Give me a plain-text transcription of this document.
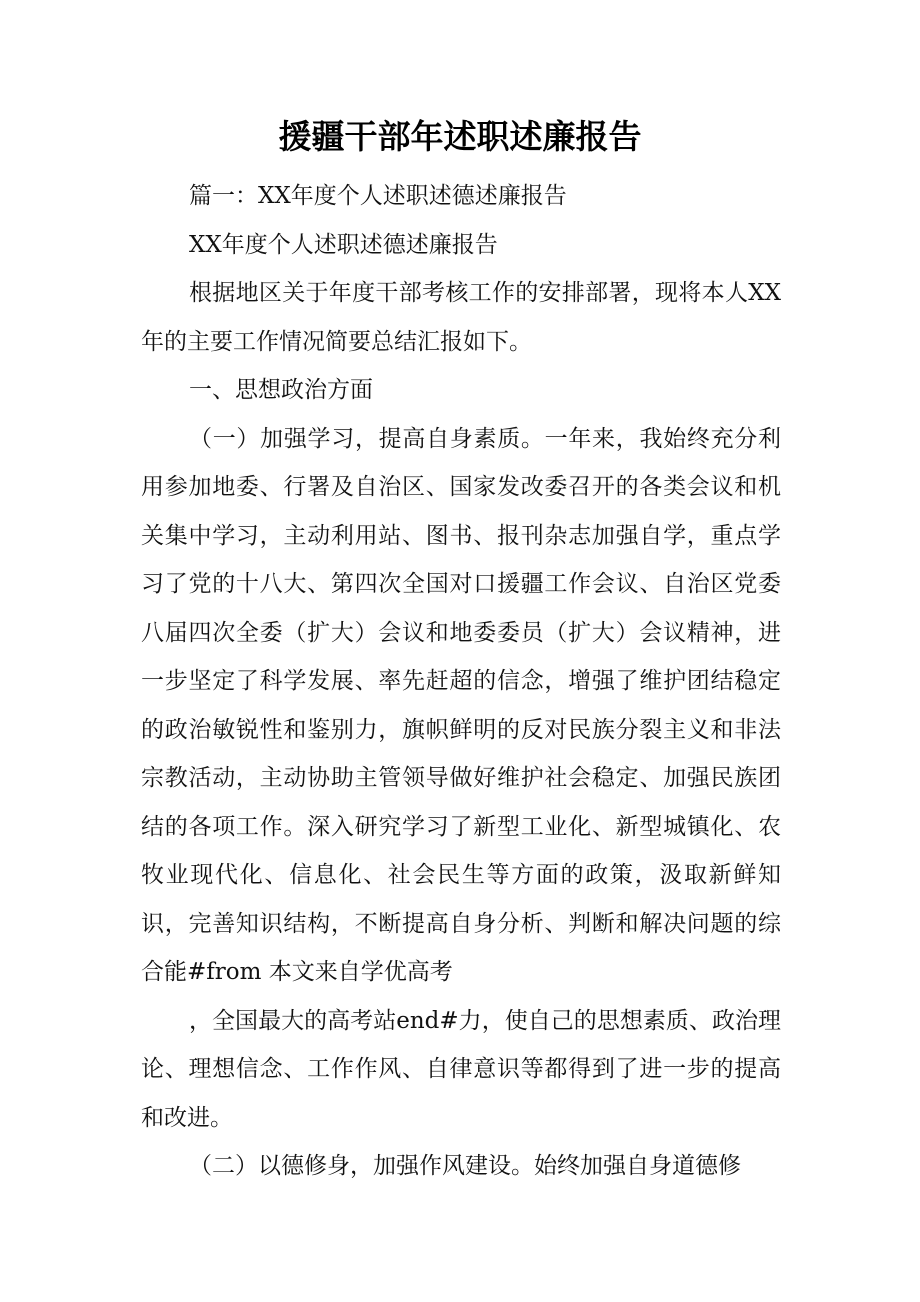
援疆干部年述职述廉报告

篇一：XX年度个人述职述德述廉报告

XX年度个人述职述德述廉报告

根据地区关于年度干部考核工作的安排部署，现将本人XX年的主要工作情况简要总结汇报如下。

一、思想政治方面

（一）加强学习，提高自身素质。一年来，我始终充分利用参加地委、行署及自治区、国家发改委召开的各类会议和机关集中学习，主动利用站、图书、报刊杂志加强自学，重点学习了党的十八大、第四次全国对口援疆工作会议、自治区党委八届四次全委（扩大）会议和地委委员（扩大）会议精神，进一步坚定了科学发展、率先赶超的信念，增强了维护团结稳定的政治敏锐性和鉴别力，旗帜鲜明的反对民族分裂主义和非法宗教活动，主动协助主管领导做好维护社会稳定、加强民族团结的各项工作。深入研究学习了新型工业化、新型城镇化、农牧业现代化、信息化、社会民生等方面的政策，汲取新鲜知识，完善知识结构，不断提高自身分析、判断和解决问题的综合能#from 本文来自学优高考

，全国最大的高考站end#力，使自己的思想素质、政治理论、理想信念、工作作风、自律意识等都得到了进一步的提高和改进。

（二）以德修身，加强作风建设。始终加强自身道德修
